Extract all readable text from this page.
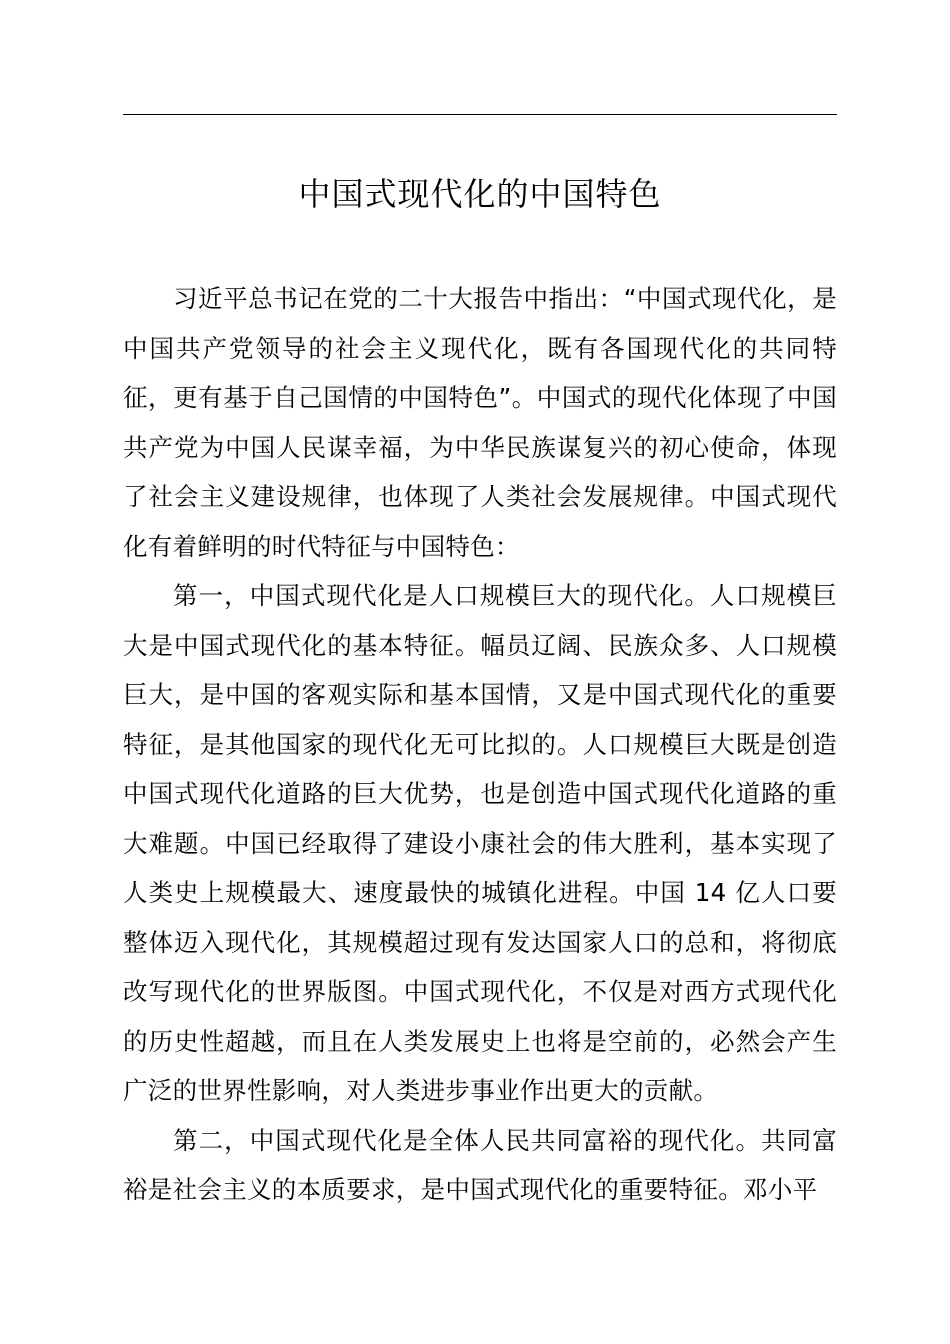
中国式现代化的中国特色

习近平总书记在党的二十大报告中指出：“中国式现代化，是中国共产党领导的社会主义现代化，既有各国现代化的共同特征，更有基于自己国情的中国特色”。中国式的现代化体现了中国共产党为中国人民谋幸福，为中华民族谋复兴的初心使命，体现了社会主义建设规律，也体现了人类社会发展规律。中国式现代化有着鲜明的时代特征与中国特色：

第一，中国式现代化是人口规模巨大的现代化。人口规模巨大是中国式现代化的基本特征。幅员辽阔、民族众多、人口规模巨大，是中国的客观实际和基本国情，又是中国式现代化的重要特征，是其他国家的现代化无可比拟的。人口规模巨大既是创造中国式现代化道路的巨大优势，也是创造中国式现代化道路的重大难题。中国已经取得了建设小康社会的伟大胜利，基本实现了人类史上规模最大、速度最快的城镇化进程。中国 14 亿人口要整体迈入现代化，其规模超过现有发达国家人口的总和，将彻底改写现代化的世界版图。中国式现代化，不仅是对西方式现代化的历史性超越，而且在人类发展史上也将是空前的，必然会产生广泛的世界性影响，对人类进步事业作出更大的贡献。

第二，中国式现代化是全体人民共同富裕的现代化。共同富裕是社会主义的本质要求，是中国式现代化的重要特征。邓小平
